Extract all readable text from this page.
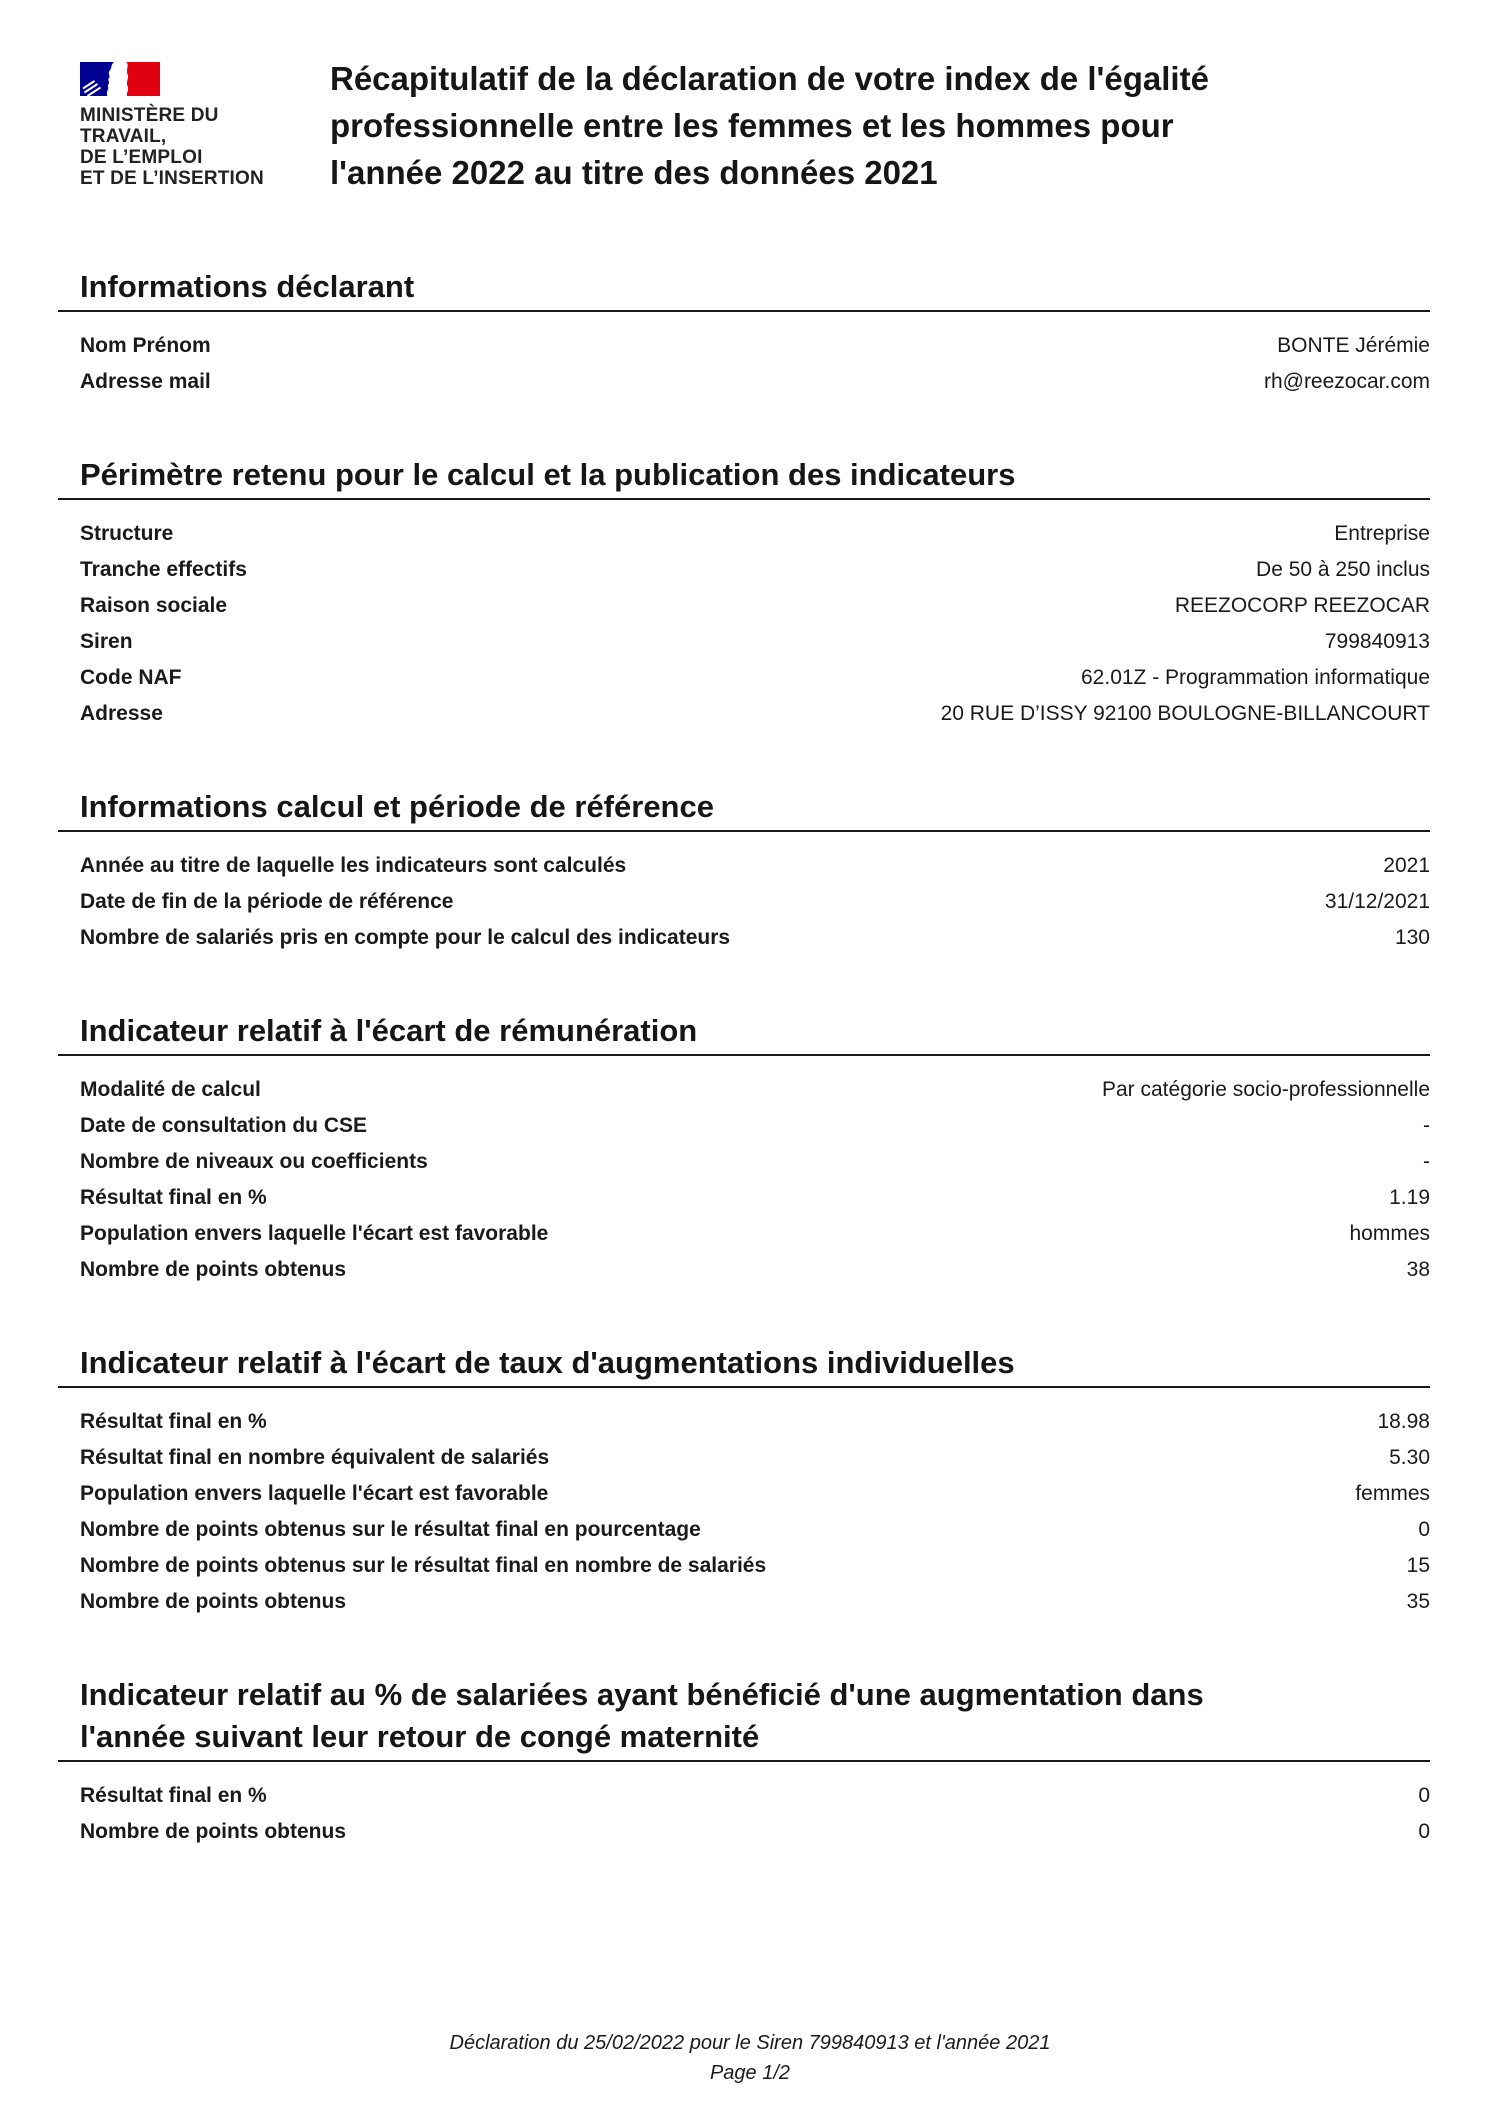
MINISTÈRE DU
TRAVAIL,
DE L’EMPLOI
ET DE L’INSERTION
Récapitulatif de la déclaration de votre index de l'égalité
professionnelle entre les femmes et les hommes pour
l'année 2022 au titre des données 2021
Informations déclarant
Nom Prénom	BONTE Jérémie
Adresse mail	rh@reezocar.com
Périmètre retenu pour le calcul et la publication des indicateurs
Structure	Entreprise
Tranche effectifs	De 50 à 250 inclus
Raison sociale	REEZOCORP REEZOCAR
Siren	799840913
Code NAF	62.01Z - Programmation informatique
Adresse	20 RUE D’ISSY 92100 BOULOGNE-BILLANCOURT
Informations calcul et période de référence
Année au titre de laquelle les indicateurs sont calculés	2021
Date de fin de la période de référence	31/12/2021
Nombre de salariés pris en compte pour le calcul des indicateurs	130
Indicateur relatif à l'écart de rémunération
Modalité de calcul	Par catégorie socio-professionnelle
Date de consultation du CSE	-
Nombre de niveaux ou coefficients	-
Résultat final en %	1.19
Population envers laquelle l'écart est favorable	hommes
Nombre de points obtenus	38
Indicateur relatif à l'écart de taux d'augmentations individuelles
Résultat final en %	18.98
Résultat final en nombre équivalent de salariés	5.30
Population envers laquelle l'écart est favorable	femmes
Nombre de points obtenus sur le résultat final en pourcentage	0
Nombre de points obtenus sur le résultat final en nombre de salariés	15
Nombre de points obtenus	35
Indicateur relatif au % de salariées ayant bénéficié d'une augmentation dans
l'année suivant leur retour de congé maternité
Résultat final en %	0
Nombre de points obtenus	0
Déclaration du 25/02/2022 pour le Siren 799840913 et l'année 2021
Page 1/2
